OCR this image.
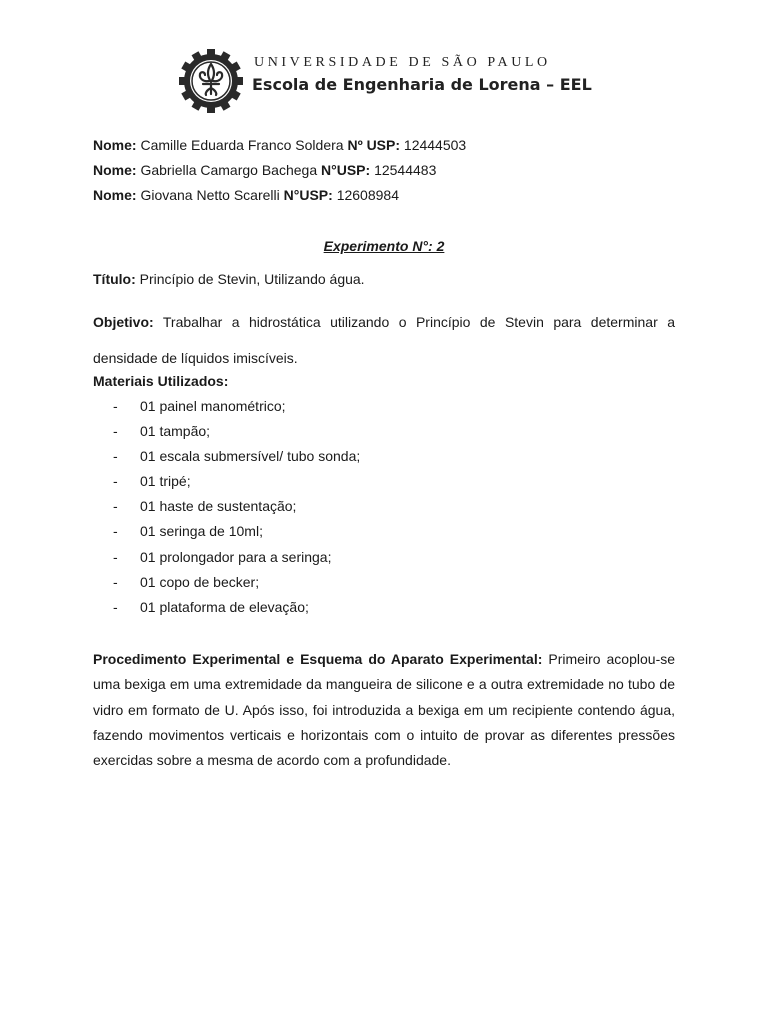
UNIVERSIDADE DE SÃO PAULO
Escola de Engenharia de Lorena – EEL
Nome: Camille Eduarda Franco Soldera Nº USP: 12444503
Nome: Gabriella Camargo Bachega N°USP: 12544483
Nome: Giovana Netto Scarelli N°USP: 12608984
Experimento N°: 2
Título: Princípio de Stevin, Utilizando água.
Objetivo: Trabalhar a hidrostática utilizando o Princípio de Stevin para determinar a densidade de líquidos imiscíveis.
Materiais Utilizados:
- 01 painel manométrico;
- 01 tampão;
- 01 escala submersível/ tubo sonda;
- 01 tripé;
- 01 haste de sustentação;
- 01 seringa de 10ml;
- 01 prolongador para a seringa;
- 01 copo de becker;
- 01 plataforma de elevação;
Procedimento Experimental e Esquema do Aparato Experimental: Primeiro acoplou-se uma bexiga em uma extremidade da mangueira de silicone e a outra extremidade no tubo de vidro em formato de U. Após isso, foi introduzida a bexiga em um recipiente contendo água, fazendo movimentos verticais e horizontais com o intuito de provar as diferentes pressões exercidas sobre a mesma de acordo com a profundidade.
